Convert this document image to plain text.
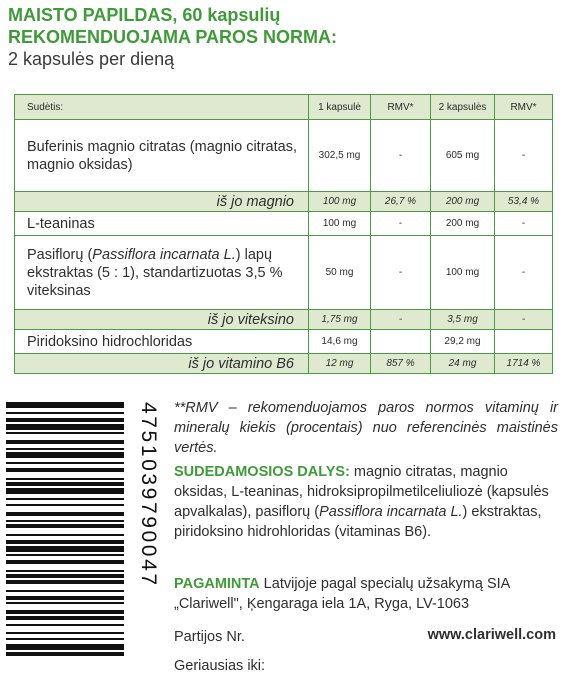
MAISTO PAPILDAS, 60 kapsulių
REKOMENDUOJAMA PAROS NORMA:
2 kapsulės per dieną
Sudėtis:	1 kapsulė	RMV*	2 kapsulės	RMV*
Buferinis magnio citratas (magnio citratas, magnio oksidas)	302,5 mg	-	605 mg	-
iš jo magnio	100 mg	26,7 %	200 mg	53,4 %
L-teaninas	100 mg	-	200 mg	-
Pasiflorų (Passiflora incarnata L.) lapų ekstraktas (5 : 1), standartizuotas 3,5 % viteksinas	50 mg	-	100 mg	-
iš jo viteksino	1,75 mg	-	3,5 mg	-
Piridoksino hidrochloridas	14,6 mg		29,2 mg	
iš jo vitamino B6	12 mg	857 %	24 mg	1714 %
4751039790047 **RMV – rekomenduojamos paros normos vitaminų ir mineralų kiekis (procentais) nuo referencinės maistinės vertės.
SUDEDAMOSIOS DALYS: magnio citratas, magnio oksidas, L-teaninas, hidroksipropilmetilceliuliozė (kapsulės apvalkalas), pasiflorų (Passiflora incarnata L.) ekstraktas, piridoksino hidrohloridas (vitaminas B6).
PAGAMINTA Latvijoje pagal specialų užsakymą SIA „Clariwell", Ķengaraga iela 1A, Ryga, LV-1063
Partijos Nr.
Geriausias iki:
www.clariwell.com
